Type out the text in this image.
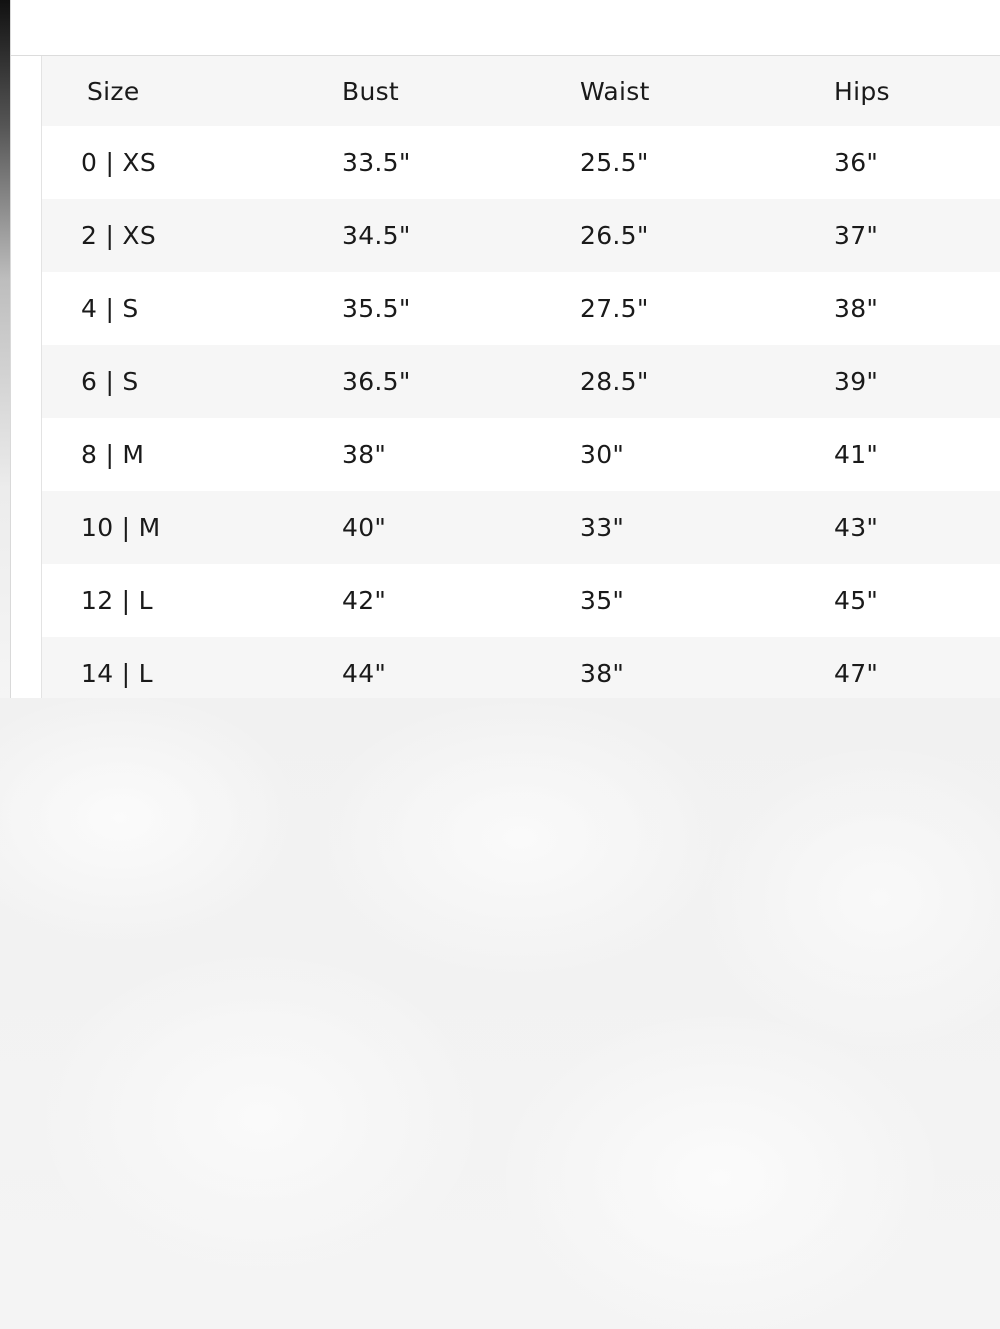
Size	Bust	Waist	Hips
0 | XS	33.5"	25.5"	36"
2 | XS	34.5"	26.5"	37"
4 | S	35.5"	27.5"	38"
6 | S	36.5"	28.5"	39"
8 | M	38"	30"	41"
10 | M	40"	33"	43"
12 | L	42"	35"	45"
14 | L	44"	38"	47"
